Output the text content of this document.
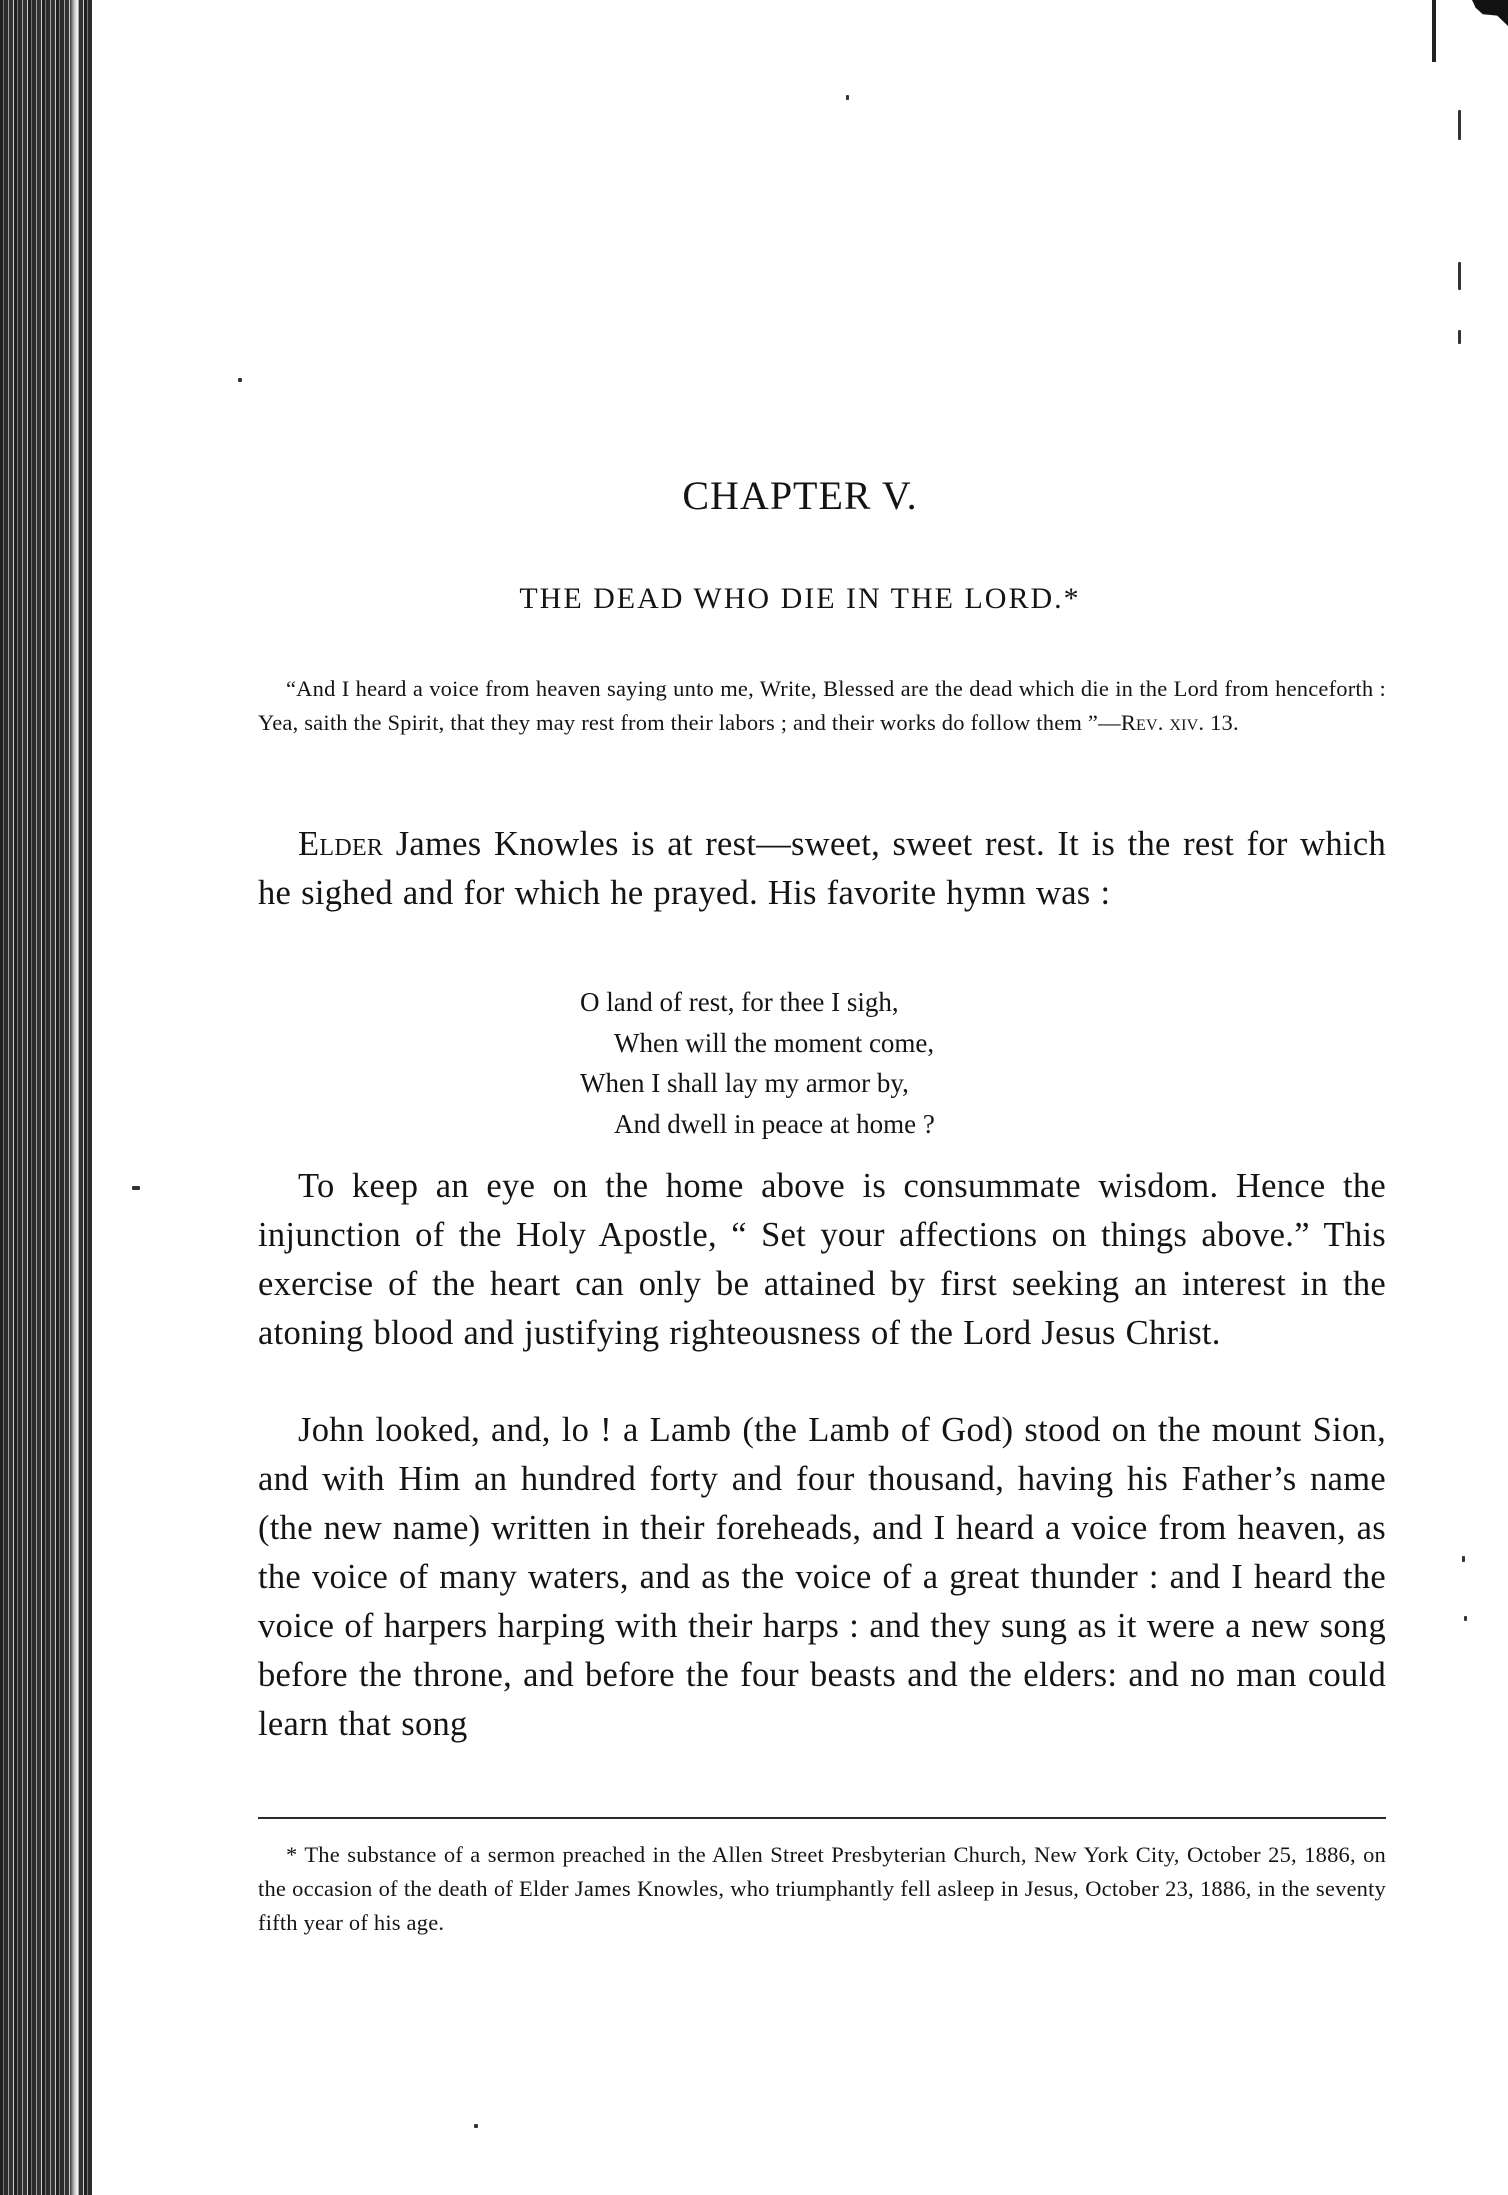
CHAPTER V.
THE DEAD WHO DIE IN THE LORD.*

“And I heard a voice from heaven saying unto me, Write, Blessed are the dead which die in the Lord from henceforth : Yea, saith the Spirit, that they may rest from their labors ; and their works do follow them ”—Rev. xiv. 13.

Elder James Knowles is at rest—sweet, sweet rest. It is the rest for which he sighed and for which he prayed. His favorite hymn was :

O land of rest, for thee I sigh,
When will the moment come,
When I shall lay my armor by,
And dwell in peace at home ?

To keep an eye on the home above is consummate wisdom. Hence the injunction of the Holy Apostle, “ Set your affections on things above.” This exercise of the heart can only be attained by first seeking an interest in the atoning blood and justifying righteousness of the Lord Jesus Christ.

John looked, and, lo ! a Lamb (the Lamb of God) stood on the mount Sion, and with Him an hundred forty and four thousand, having his Father’s name (the new name) written in their foreheads, and I heard a voice from heaven, as the voice of many waters, and as the voice of a great thunder : and I heard the voice of harpers harping with their harps : and they sung as it were a new song before the throne, and before the four beasts and the elders: and no man could learn that song

* The substance of a sermon preached in the Allen Street Presbyterian Church, New York City, October 25, 1886, on the occasion of the death of Elder James Knowles, who triumphantly fell asleep in Jesus, October 23, 1886, in the seventy fifth year of his age.
